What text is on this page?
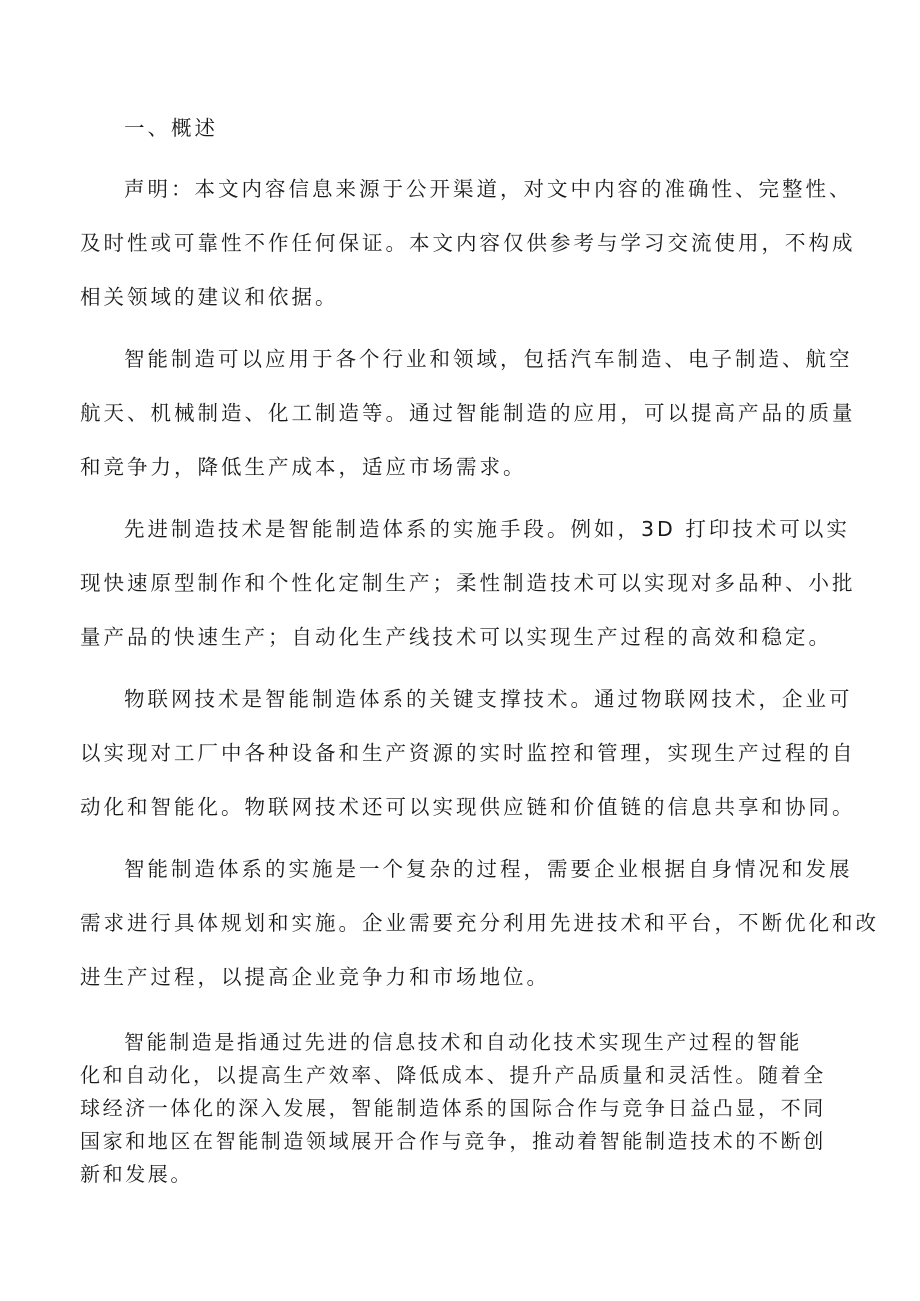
一、概述
声明：本文内容信息来源于公开渠道，对文中内容的准确性、完整性、
及时性或可靠性不作任何保证。本文内容仅供参考与学习交流使用，不构成
相关领域的建议和依据。
智能制造可以应用于各个行业和领域，包括汽车制造、电子制造、航空
航天、机械制造、化工制造等。通过智能制造的应用，可以提高产品的质量
和竞争力，降低生产成本，适应市场需求。
先进制造技术是智能制造体系的实施手段。例如，3D 打印技术可以实
现快速原型制作和个性化定制生产；柔性制造技术可以实现对多品种、小批
量产品的快速生产；自动化生产线技术可以实现生产过程的高效和稳定。
物联网技术是智能制造体系的关键支撑技术。通过物联网技术，企业可
以实现对工厂中各种设备和生产资源的实时监控和管理，实现生产过程的自
动化和智能化。物联网技术还可以实现供应链和价值链的信息共享和协同。
智能制造体系的实施是一个复杂的过程，需要企业根据自身情况和发展
需求进行具体规划和实施。企业需要充分利用先进技术和平台，不断优化和改
进生产过程，以提高企业竞争力和市场地位。
智能制造是指通过先进的信息技术和自动化技术实现生产过程的智能
化和自动化，以提高生产效率、降低成本、提升产品质量和灵活性。随着全
球经济一体化的深入发展，智能制造体系的国际合作与竞争日益凸显，不同
国家和地区在智能制造领域展开合作与竞争，推动着智能制造技术的不断创
新和发展。
